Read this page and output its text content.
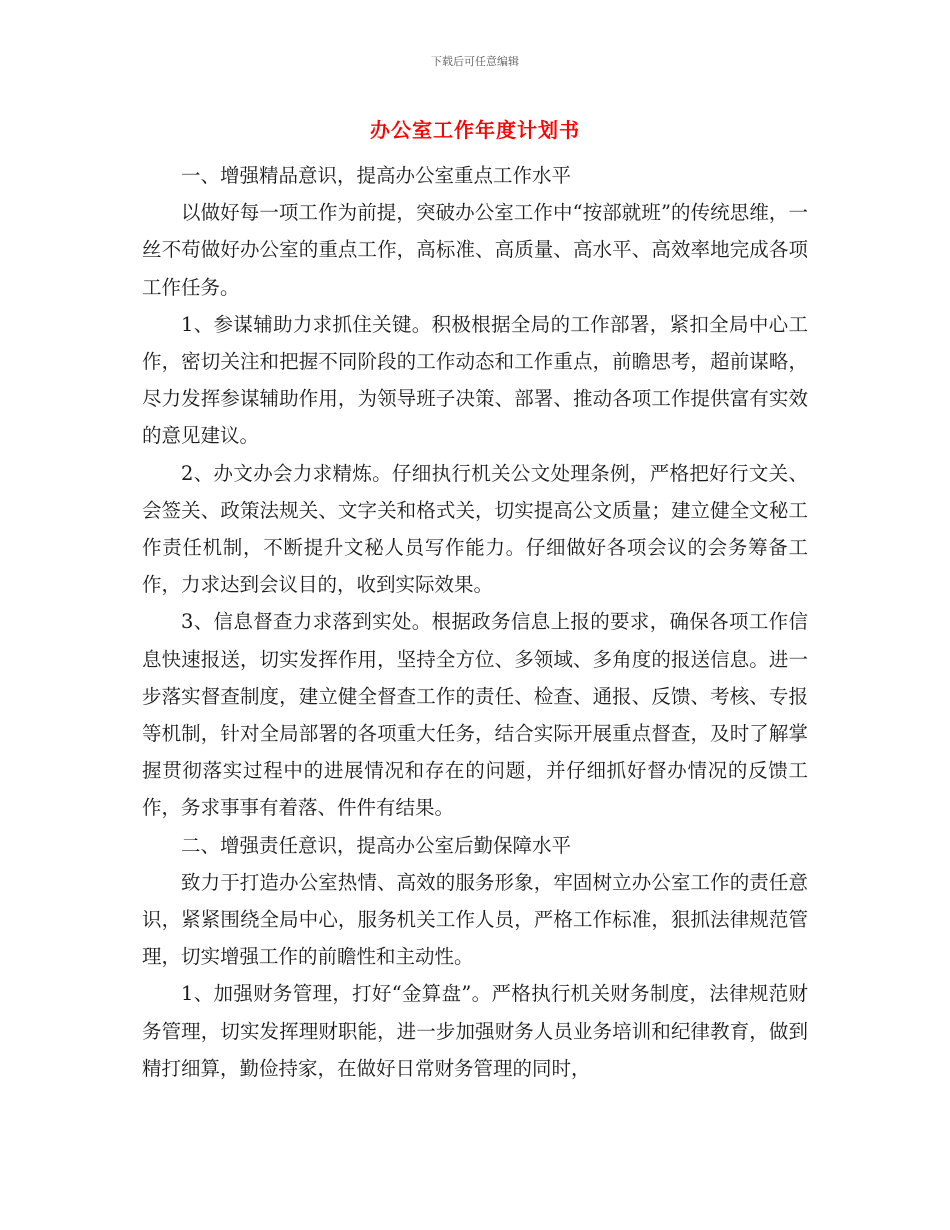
下载后可任意编辑
办公室工作年度计划书

一、增强精品意识，提高办公室重点工作水平

以做好每一项工作为前提，突破办公室工作中“按部就班”的传统思维，一丝不苟做好办公室的重点工作，高标准、高质量、高水平、高效率地完成各项工作任务。

1、参谋辅助力求抓住关键。积极根据全局的工作部署，紧扣全局中心工作，密切关注和把握不同阶段的工作动态和工作重点，前瞻思考，超前谋略，尽力发挥参谋辅助作用，为领导班子决策、部署、推动各项工作提供富有实效的意见建议。

2、办文办会力求精炼。仔细执行机关公文处理条例，严格把好行文关、会签关、政策法规关、文字关和格式关，切实提高公文质量；建立健全文秘工作责任机制，不断提升文秘人员写作能力。仔细做好各项会议的会务筹备工作，力求达到会议目的，收到实际效果。

3、信息督查力求落到实处。根据政务信息上报的要求，确保各项工作信息快速报送，切实发挥作用，坚持全方位、多领域、多角度的报送信息。进一步落实督查制度，建立健全督查工作的责任、检查、通报、反馈、考核、专报等机制，针对全局部署的各项重大任务，结合实际开展重点督查，及时了解掌握贯彻落实过程中的进展情况和存在的问题，并仔细抓好督办情况的反馈工作，务求事事有着落、件件有结果。

二、增强责任意识，提高办公室后勤保障水平

致力于打造办公室热情、高效的服务形象，牢固树立办公室工作的责任意识，紧紧围绕全局中心，服务机关工作人员，严格工作标准，狠抓法律规范管理，切实增强工作的前瞻性和主动性。

1、加强财务管理，打好“金算盘”。严格执行机关财务制度，法律规范财务管理，切实发挥理财职能，进一步加强财务人员业务培训和纪律教育，做到精打细算，勤俭持家，在做好日常财务管理的同时，
